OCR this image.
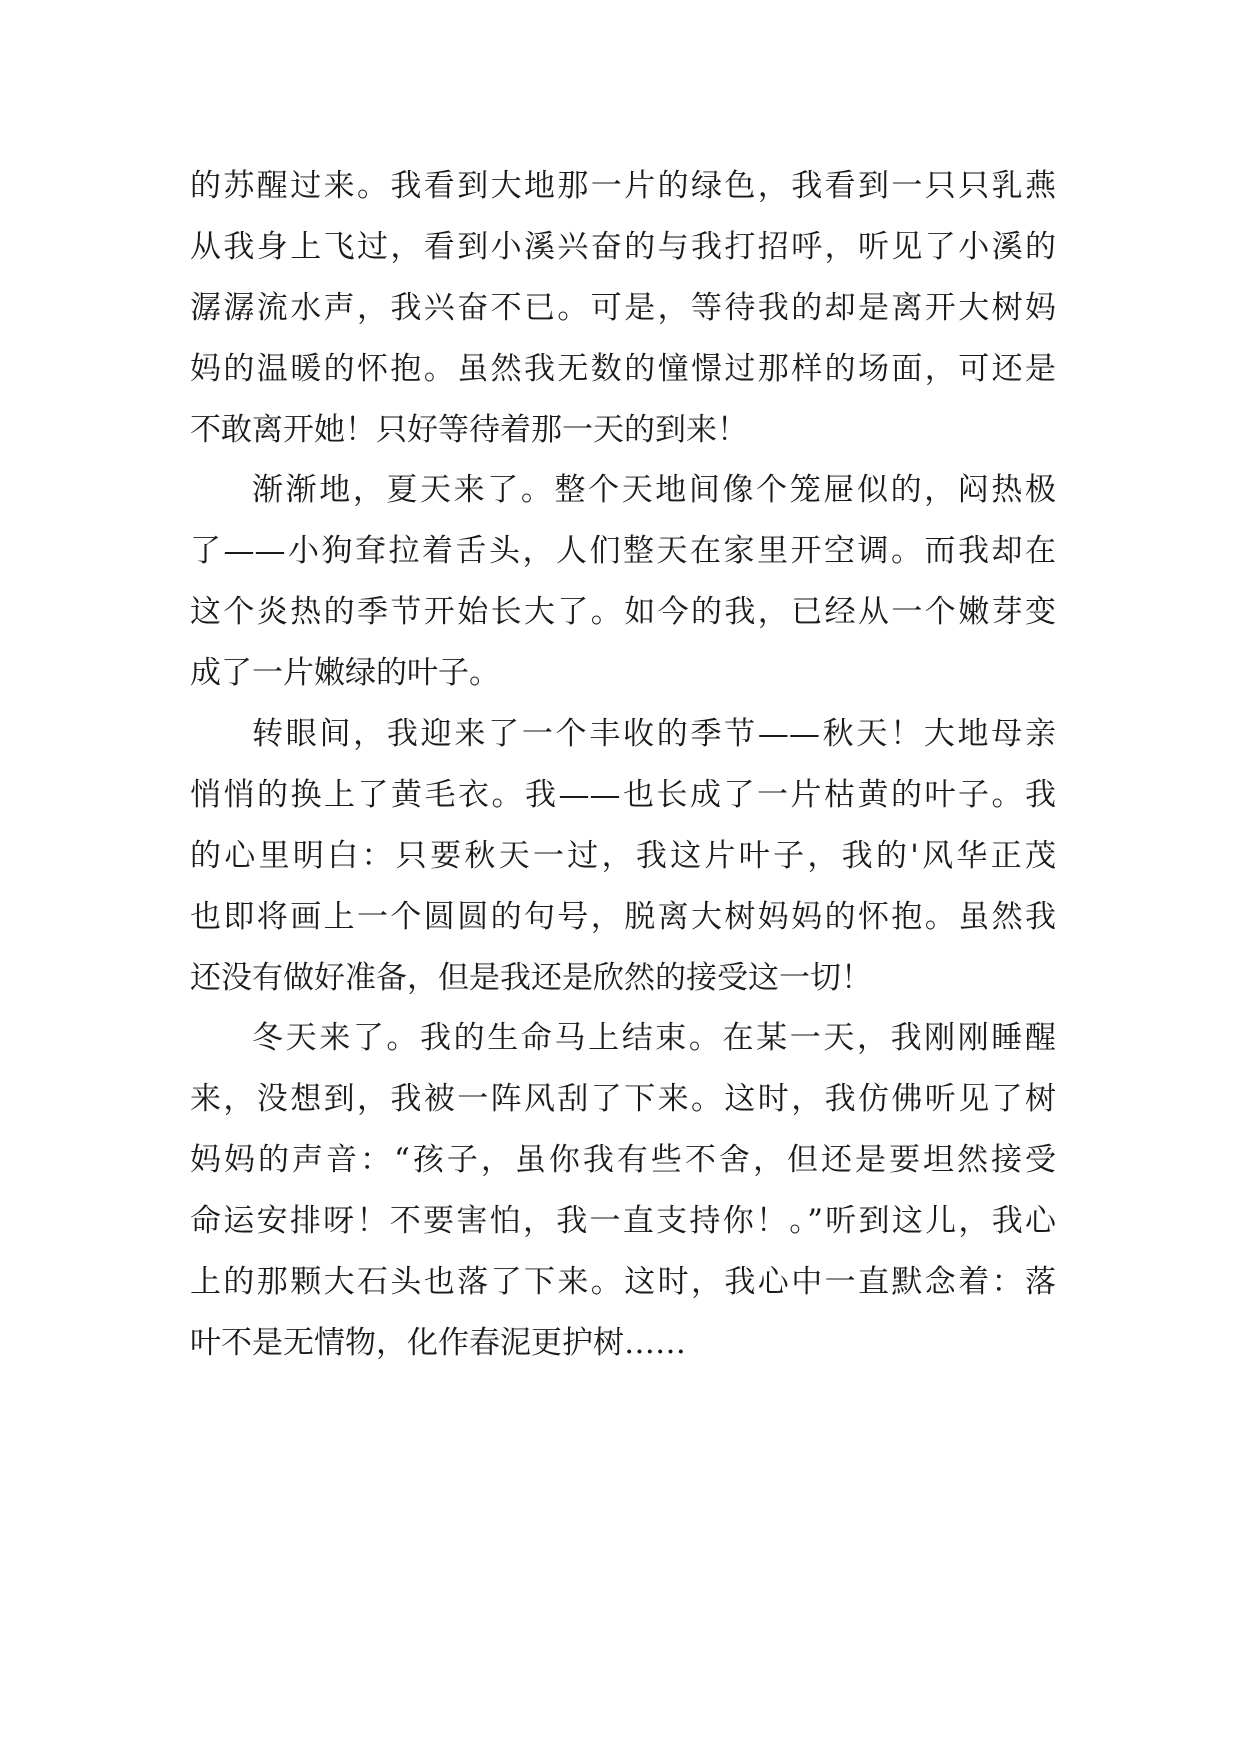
的苏醒过来。我看到大地那一片的绿色，我看到一只只乳燕
从我身上飞过，看到小溪兴奋的与我打招呼，听见了小溪的
潺潺流水声，我兴奋不已。可是，等待我的却是离开大树妈
妈的温暖的怀抱。虽然我无数的憧憬过那样的场面，可还是
不敢离开她！只好等待着那一天的到来！
渐渐地，夏天来了。整个天地间像个笼屉似的，闷热极
了——小狗耷拉着舌头，人们整天在家里开空调。而我却在
这个炎热的季节开始长大了。如今的我，已经从一个嫩芽变
成了一片嫩绿的叶子。
转眼间，我迎来了一个丰收的季节——秋天！大地母亲
悄悄的换上了黄毛衣。我——也长成了一片枯黄的叶子。我
的心里明白：只要秋天一过，我这片叶子，我的'风华正茂
也即将画上一个圆圆的句号，脱离大树妈妈的怀抱。虽然我
还没有做好准备，但是我还是欣然的接受这一切！
冬天来了。我的生命马上结束。在某一天，我刚刚睡醒
来，没想到，我被一阵风刮了下来。这时，我仿佛听见了树
妈妈的声音：“孩子，虽你我有些不舍，但还是要坦然接受
命运安排呀！不要害怕，我一直支持你！。”听到这儿，我心
上的那颗大石头也落了下来。这时，我心中一直默念着：落
叶不是无情物，化作春泥更护树……
